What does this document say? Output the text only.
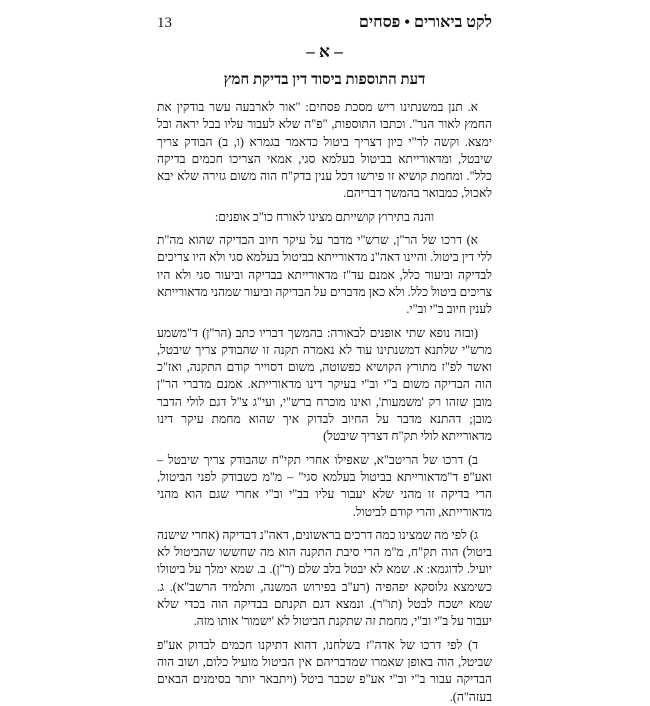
לקט ביאורים • פסחים
13
– א –
דעת התוספות ביסוד דין בדיקת חמץ

א. תנן במשנתינו ריש מסכת פסחים: "אור לארבעה עשר בודקין את החמץ לאור הנר". וכתבו התוספות, "פ"ה שלא לעבור עליו בבל יראה ובל ימצא. וקשה לר"י כיון דצריך ביטול כדאמר בגמרא (ו, ב) הבודק צריך שיבטל, ומדאורייתא בביטול בעלמא סגי, אמאי הצריכו חכמים בדיקה כלל". ומחמת קושיא זו פירשו דכל ענין בדק"ח הוה משום גזירה שלא יבא לאכול, כמבואר בהמשך דבריהם.

והנה בתירוץ קושייתם מצינו לאורח כו"כ אופנים:

א) דרכו של הר"ן, שרש"י מדבר על עיקר חיוב הבדיקה שהוא מה"ת ללי דין ביטול. והיינו דאה"נ מדאורייתא בביטול בעלמא סגי ולא היו צריכים לבדיקה וביעור כלל, אמנם עד"ז מדאורייתא בבדיקה וביעור סגי ולא היו צריכים ביטול כלל. ולא כאן מדברים על הבדיקה וביעור שמהני מדאורייתא לענין חיוב ב"י וב"י.

(ובזה נופא שתי אופנים לבאורה: בהמשך דבריו כתב (הר"ן) ד"משמע מרש"י שלתנא דמשנתינו עוד לא נאמרה תקנה זו שהבודק צריך שיבטל, ואשר לפ"ז מתורץ הקושיא כפשוטה, משום דסוייר קודם התקנה, ואז"כ הוה הבדיקה משום ב"י וב"י בעיקר דינו מדאורייתא. אמנם מדברי הר"ן מובן שזהו רק 'משמעות', ואינו מוכרח ברש"י, ועי"ג צ"ל דגם לולי הדבר מובן; דהתנא מדבר על החיוב לבדוק איך שהוא מחמת עיקר דינו מדאורייתא לולי תק"ח דצריך שיבטל)

ב) דרכו של הריטב"א, שאפילו אחרי תקי"ח שהבודק צריך שיבטל – ואע"פ ד"מדאורייתא בביטול בעלמא סגי" – מ"מ כשבודק לפני הביטול, הרי בדיקה זו מהני שלא יעבור עליו בב"י וב"י אחרי שגם הוא מהני מדאורייתא, והרי קודם לביטול.

ג) לפי מה שמצינו כמה דרכים בראשונים, דאה"נ דבדיקה (אחרי שישנה ביטול) הוה תק"ח, מ"מ הרי סיבת התקנה הוא מה שחששו שהביטול לא יועיל. לדוגמא: א. שמא לא יבטל בלב שלם (ר"ן). ב. שמא ימלך על ביטולו כשימצא גלוסקא יפהפיה (רע"ב בפירוש המשנה, ותלמיד הרשב"א). ג. שמא ישכח לבטל (תו"ר). ונמצא דגם תקנתם בבדיקה הוה בכדי שלא יעבור על ב"י וב"י, מחמת זה שתקנת הביטול לא 'ישמור' אותו מזה.

ד) לפי דרכו של אדה"ז בשלחנו, דהוא דתיקנו חכמים לבדוק אע"פ שביטל, הוה באופן שאמרו שמדבריהם אין הביטול מועיל כלום, ושוב הוה הבדיקה עבור ב"י וב"י אע"פ שכבר ביטל (ויתבאר יותר בסימנים הבאים בעזה"ה).
